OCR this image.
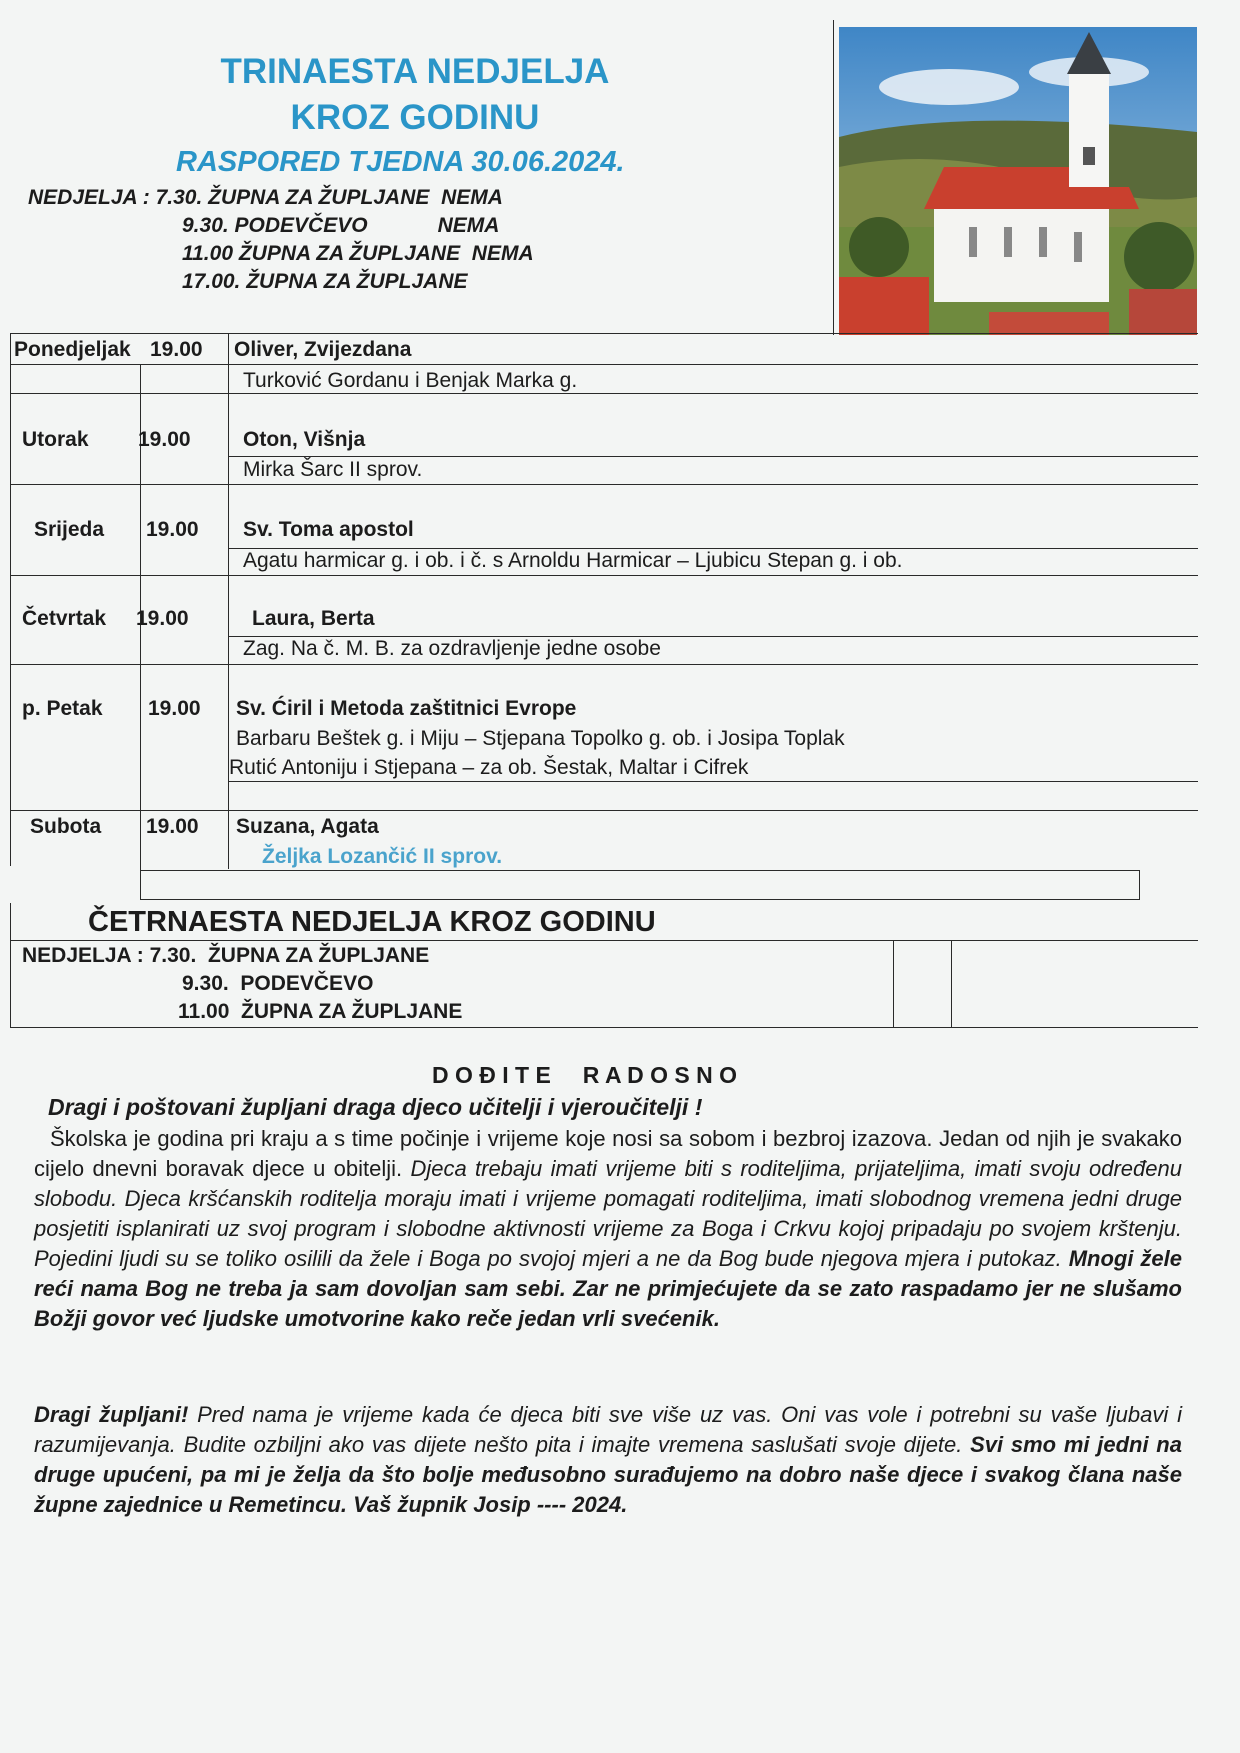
TRINAESTA NEDJELJA
KROZ GODINU
RASPORED TJEDNA 30.06.2024.
NEDJELJA : 7.30. ŽUPNA ZA ŽUPLJANE  NEMA
9.30. PODEVČEVO            NEMA
11.00 ŽUPNA ZA ŽUPLJANE  NEMA
17.00. ŽUPNA ZA ŽUPLJANE
Ponedjeljak 19.00 Oliver, Zvijezdana
Turković Gordanu i Benjak Marka g.
Utorak 19.00 Oton, Višnja
Mirka Šarc II sprov.
Srijeda 19.00 Sv. Toma apostol
Agatu harmicar g. i ob. i č. s Arnoldu Harmicar – Ljubicu Stepan g. i ob.
Četvrtak 19.00	Laura, Berta
Zag. Na č. M. B. za ozdravljenje jedne osobe
p. Petak 19.00 Sv. Ćiril i Metoda zaštitnici Evrope
Barbaru Beštek g. i Miju – Stjepana Topolko g. ob. i Josipa Toplak
Rutić Antoniju i Stjepana – za ob. Šestak, Maltar i Cifrek
Subota 19.00 Suzana, Agata
Željka Lozančić II sprov.
ČETRNAESTA NEDJELJA KROZ GODINU
NEDJELJA : 7.30.  ŽUPNA ZA ŽUPLJANE
9.30.  PODEVČEVO
11.00  ŽUPNA ZA ŽUPLJANE
D O Đ I T E     R A D O S N O
Dragi i poštovani župljani draga djeco učitelji i vjeroučitelji !
Školska je godina pri kraju a s time počinje i vrijeme koje nosi sa sobom i bezbroj izazova. Jedan od njih je svakako cijelo dnevni boravak djece u obitelji. Djeca trebaju imati vrijeme biti s roditeljima, prijateljima, imati svoju određenu slobodu. Djeca kršćanskih roditelja moraju imati i vrijeme pomagati roditeljima, imati slobodnog vremena jedni druge posjetiti isplanirati uz svoj program i slobodne aktivnosti vrijeme za Boga i Crkvu kojoj pripadaju po svojem krštenju. Pojedini ljudi su se toliko osilili da žele i Boga po svojoj mjeri a ne da Bog bude njegova mjera i putokaz. Mnogi žele reći nama Bog ne treba ja sam dovoljan sam sebi. Zar ne primjećujete da se zato raspadamo jer ne slušamo Božji govor već ljudske umotvorine kako reče jedan vrli svećenik.
Dragi župljani! Pred nama je vrijeme kada će djeca biti sve više uz vas. Oni vas vole i potrebni su vaše ljubavi i razumijevanja. Budite ozbiljni ako vas dijete nešto pita i imajte vremena saslušati svoje dijete. Svi smo mi jedni na druge upućeni, pa mi je želja da što bolje međusobno surađujemo na dobro naše djece i svakog člana naše župne zajednice u Remetincu. Vaš župnik Josip ---- 2024.
